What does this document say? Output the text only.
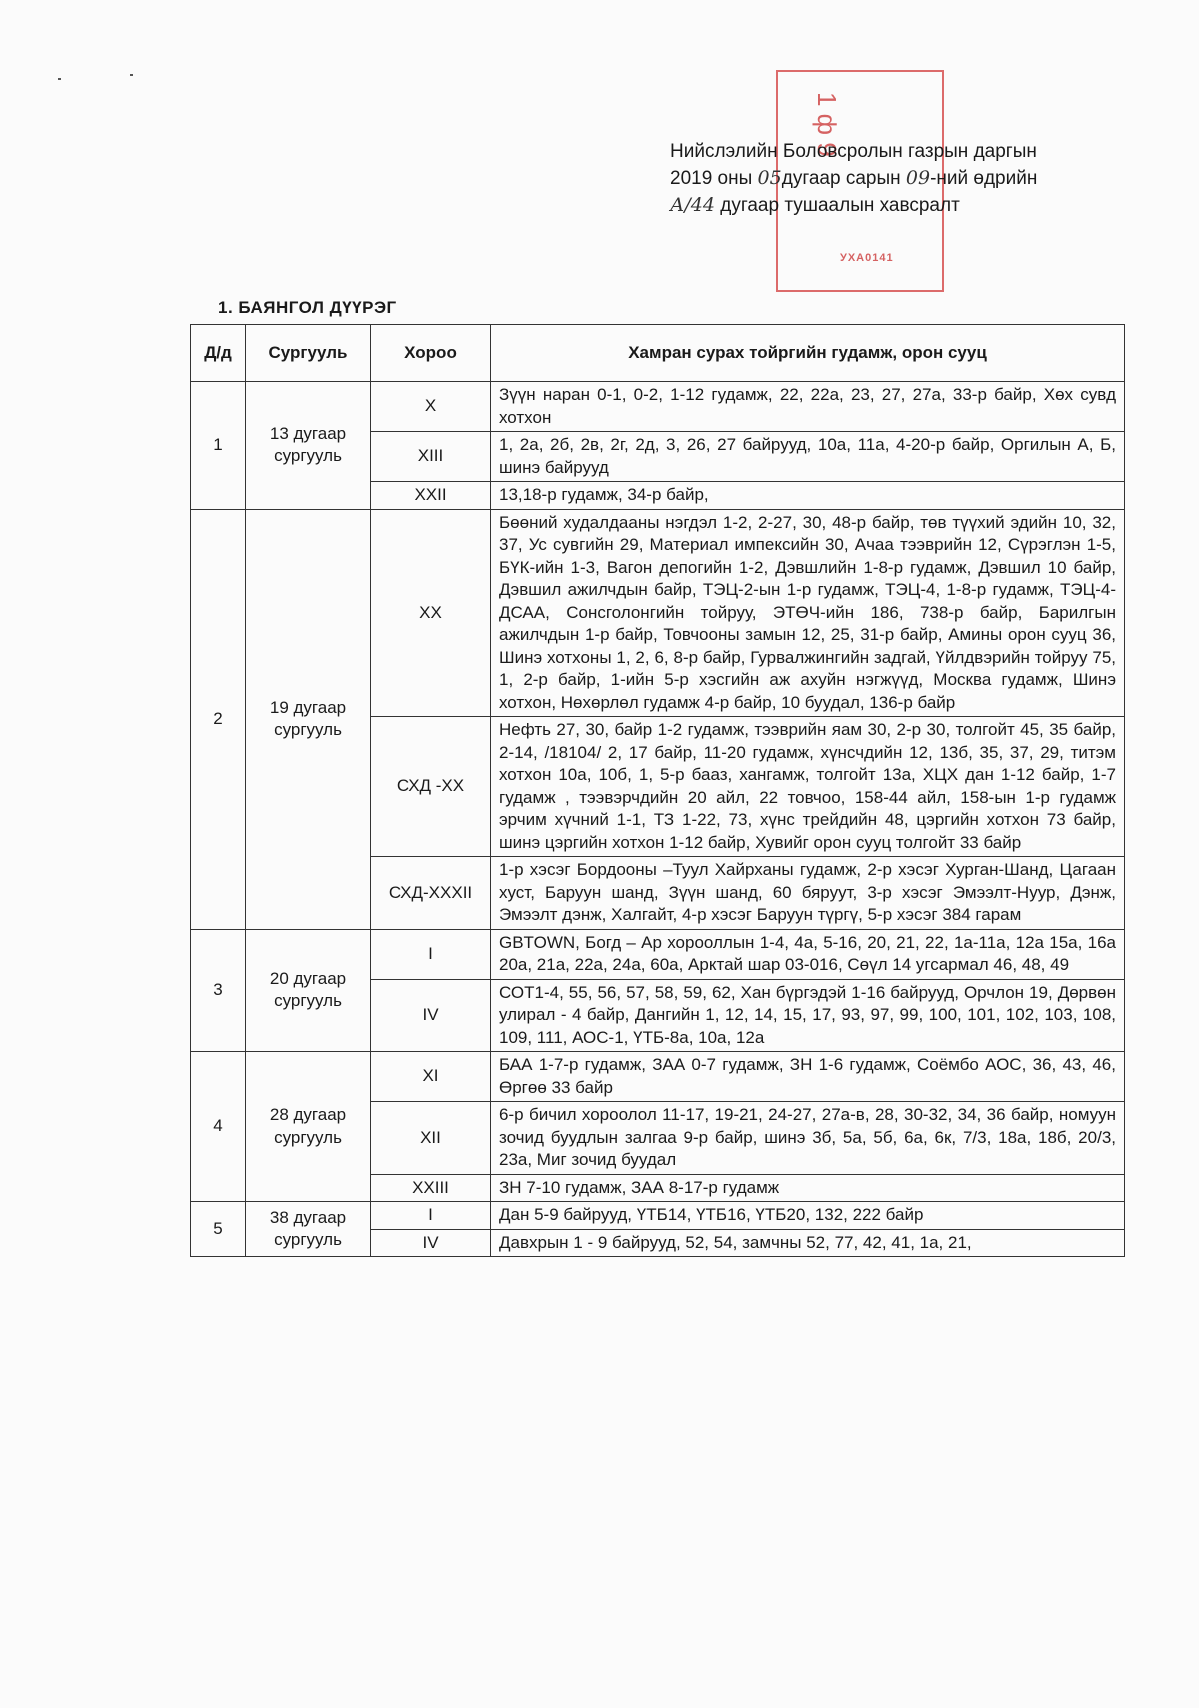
1 ф 9
УХА0141
Нийслэлийн Боловсролын газрын даргын
2019 оны 05дугаар сарын 09-ний өдрийн
А/44 дугаар тушаалын хавсралт
1. БАЯНГОЛ ДҮҮРЭГ
Д/д	Сургууль	Хороо	Хамран сурах тойргийн гудамж, орон сууц
1	13 дугаар сургууль	X	Зүүн наран 0-1, 0-2, 1-12 гудамж, 22, 22а, 23, 27, 27а, 33-р байр, Хөх сувд хотхон
		XIII	1, 2а, 2б, 2в, 2г, 2д, 3, 26, 27 байрууд, 10а, 11а, 4-20-р байр, Оргилын А, Б, шинэ байрууд
		XXII	13,18-р гудамж, 34-р байр,
2	19 дугаар сургууль	XX	Бөөний худалдааны нэгдэл 1-2, 2-27, 30, 48-р байр, төв түүхий эдийн 10, 32, 37, Ус сувгийн 29, Материал импексийн 30, Ачаа тээврийн 12, Сүрэглэн 1-5, БҮК-ийн 1-3, Вагон депогийн 1-2, Дэвшлийн 1-8-р гудамж, Дэвшил 10 байр, Дэвшил ажилчдын байр, ТЭЦ-2-ын 1-р гудамж, ТЭЦ-4, 1-8-р гудамж, ТЭЦ-4-ДСАА, Сонсголонгийн тойруу, ЭТӨЧ-ийн 186, 738-р байр, Барилгын ажилчдын 1-р байр, Товчооны замын 12, 25, 31-р байр, Амины орон сууц 36, Шинэ хотхоны 1, 2, 6, 8-р байр, Гурвалжингийн задгай, Үйлдвэрийн тойруу 75, 1, 2-р байр, 1-ийн 5-р хэсгийн аж ахуйн нэгжүүд, Москва гудамж, Шинэ хотхон, Нөхөрлөл гудамж 4-р байр, 10 буудал, 136-р байр
		СХД -XX	Нефть 27, 30, байр 1-2 гудамж, тээврийн яам 30, 2-р 30, толгойт 45, 35 байр, 2-14, /18104/ 2, 17 байр, 11-20 гудамж, хүнсчдийн 12, 13б, 35, 37, 29, титэм хотхон 10а, 10б, 1, 5-р бааз, хангамж, толгойт 13а, ХЦХ дан 1-12 байр, 1-7 гудамж , тээвэрчдийн 20 айл, 22 товчоо, 158-44 айл, 158-ын 1-р гудамж эрчим хүчний 1-1, ТЗ 1-22, 73, хүнс трейдийн 48, цэргийн хотхон 73 байр, шинэ цэргийн хотхон 1-12 байр, Хувийг орон сууц толгойт 33 байр
		СХД-XXXII	1-р хэсэг Бордооны –Туул Хайрханы гудамж, 2-р хэсэг Хурган-Шанд, Цагаан хуст, Баруун шанд, Зүүн шанд, 60 бяруут, 3-р хэсэг Эмээлт-Нуур, Дэнж, Эмээлт дэнж, Халгайт, 4-р хэсэг Баруун түргү, 5-р хэсэг 384 гарам
3	20 дугаар сургууль	I	GBTOWN, Богд – Ар хорооллын 1-4, 4а, 5-16, 20, 21, 22, 1а-11а, 12а 15а, 16а 20а, 21а, 22а, 24а, 60а, Арктай шар 03-016, Сөүл 14 угсармал 46, 48, 49
		IV	СОТ1-4, 55, 56, 57, 58, 59, 62, Хан бүргэдэй 1-16 байрууд, Орчлон 19, Дөрвөн улирал - 4 байр, Дангийн 1, 12, 14, 15, 17, 93, 97, 99, 100, 101, 102, 103, 108, 109, 111, АОС-1, ҮТБ-8а, 10а, 12а
4	28 дугаар сургууль	XI	БАА 1-7-р гудамж, ЗАА 0-7 гудамж, ЗН 1-6 гудамж, Соёмбо АОС, 36, 43, 46, Өргөө 33 байр
		XII	6-р бичил хороолол 11-17, 19-21, 24-27, 27а-в, 28, 30-32, 34, 36 байр, номуун зочид буудлын залгаа 9-р байр, шинэ 3б, 5а, 5б, 6а, 6к, 7/3, 18а, 18б, 20/3, 23а, Миг зочид буудал
		XXIII	ЗН 7-10 гудамж, ЗАА 8-17-р гудамж
5	38 дугаар сургууль	I	Дан 5-9 байрууд, ҮТБ14, ҮТБ16, ҮТБ20, 132, 222 байр
		IV	Давхрын 1 - 9 байрууд, 52, 54, замчны 52, 77, 42, 41, 1а, 21,
